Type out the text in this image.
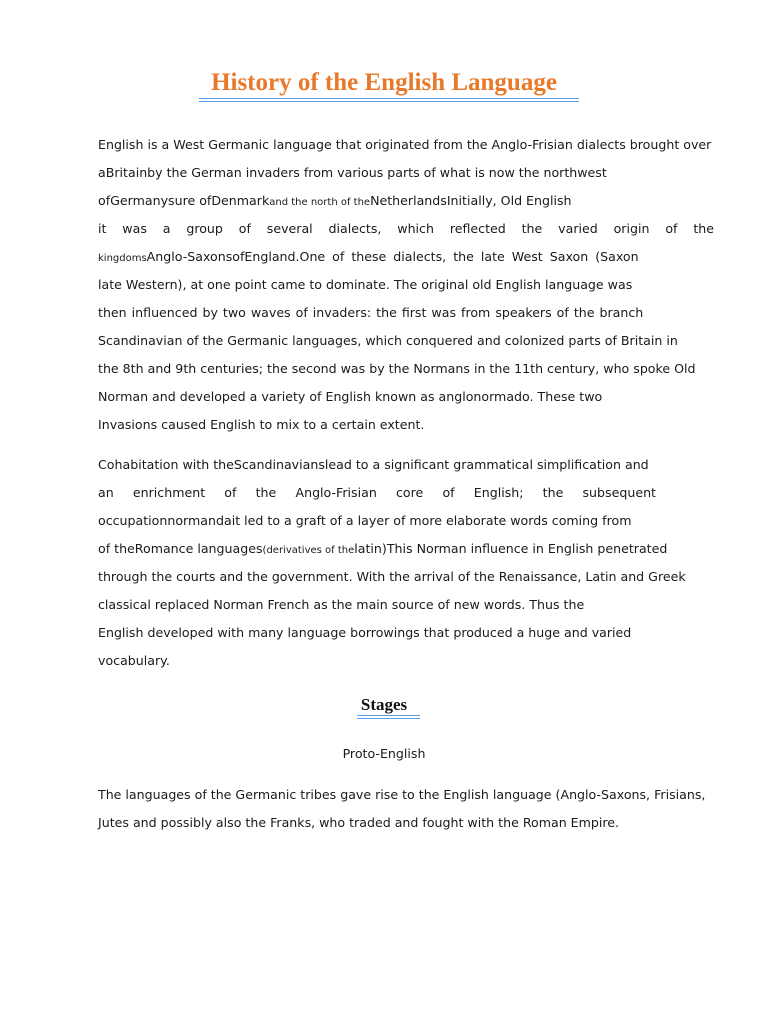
History of the English Language
English is a West Germanic language that originated from the Anglo-Frisian dialects brought over
aBritainby the German invaders from various parts of what is now the northwest
ofGermanysure ofDenmarkand the north of theNetherlandsInitially, Old English
it was a group of several dialects, which reflected the varied origin of the
kingdomsAnglo-SaxonsofEngland.One of these dialects, the late West Saxon (Saxon
late Western), at one point came to dominate. The original old English language was
then influenced by two waves of invaders: the first was from speakers of the branch
Scandinavian of the Germanic languages, which conquered and colonized parts of Britain in
the 8th and 9th centuries; the second was by the Normans in the 11th century, who spoke Old
Norman and developed a variety of English known as anglonormado. These two
Invasions caused English to mix to a certain extent.
Cohabitation with theScandinavianslead to a significant grammatical simplification and
an enrichment of the Anglo-Frisian core of English; the subsequent
occupationnormandait led to a graft of a layer of more elaborate words coming from
of theRomance languages(derivatives of thelatin)This Norman influence in English penetrated
through the courts and the government. With the arrival of the Renaissance, Latin and Greek
classical replaced Norman French as the main source of new words. Thus the
English developed with many language borrowings that produced a huge and varied
vocabulary.
Stages
Proto-English
The languages of the Germanic tribes gave rise to the English language (Anglo-Saxons, Frisians,
Jutes and possibly also the Franks, who traded and fought with the Roman Empire.
